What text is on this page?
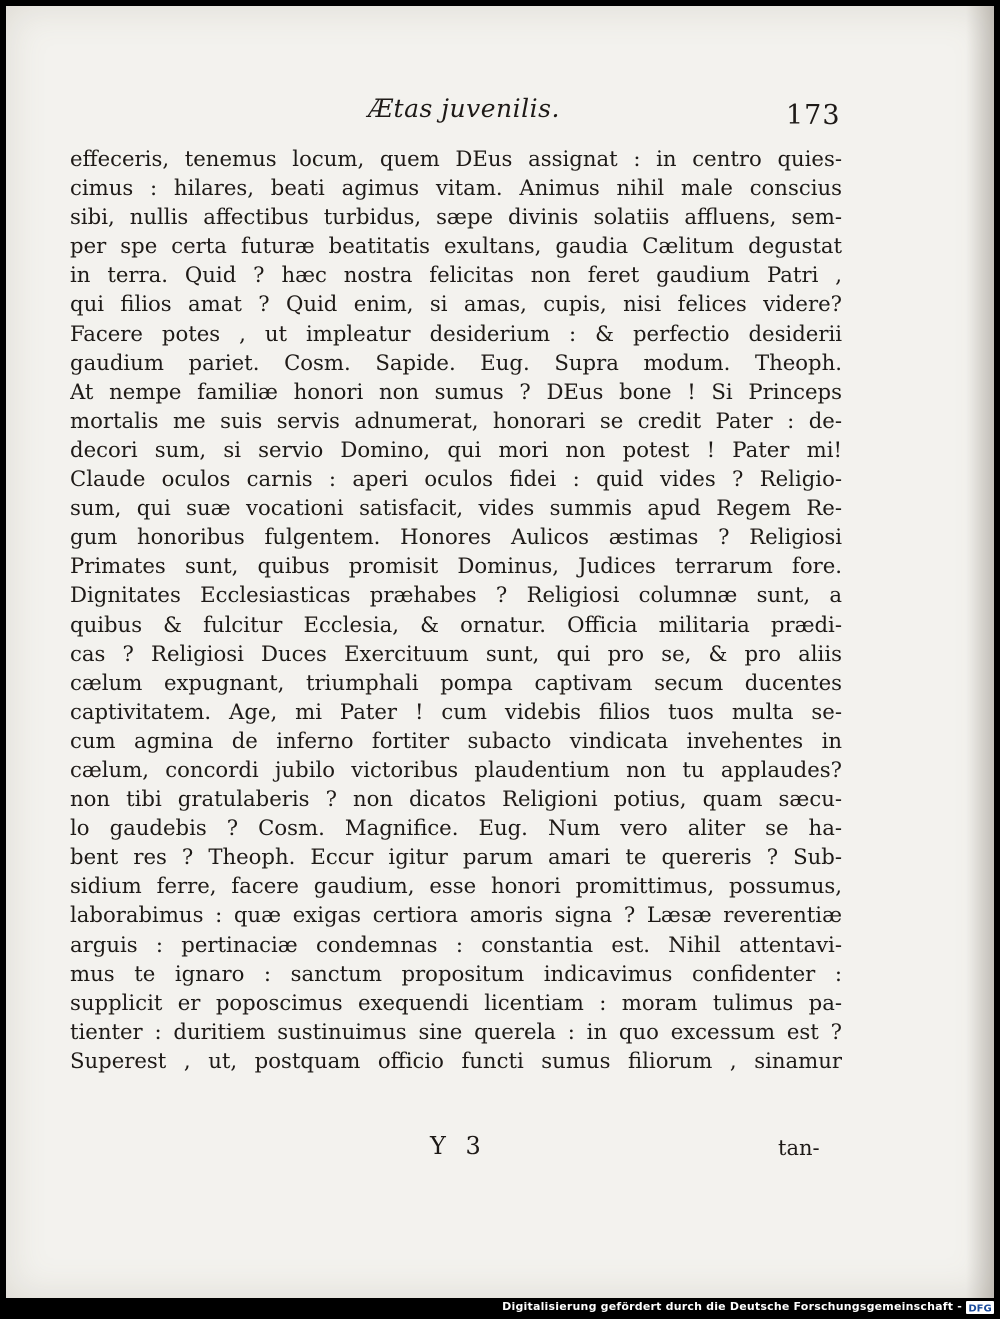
Ætas juvenilis.	173
effeceris, tenemus locum, quem DEus assignat : in centro quies-
cimus : hilares, beati agimus vitam. Animus nihil male conscius
sibi, nullis affectibus turbidus, sæpe divinis solatiis affluens, sem-
per spe certa futuræ beatitatis exultans, gaudia Cælitum degustat
in terra. Quid ? hæc nostra felicitas non feret gaudium Patri ,
qui filios amat ? Quid enim, si amas, cupis, nisi felices videre?
Facere potes , ut impleatur desiderium : & perfectio desiderii
gaudium pariet. Cosm. Sapide. Eug. Supra modum. Theoph.
At nempe familiæ honori non sumus ? DEus bone ! Si Princeps
mortalis me suis servis adnumerat, honorari se credit Pater : de-
decori sum, si servio Domino, qui mori non potest ! Pater mi!
Claude oculos carnis : aperi oculos fidei : quid vides ? Religio-
sum, qui suæ vocationi satisfacit, vides summis apud Regem Re-
gum honoribus fulgentem. Honores Aulicos æstimas ? Religiosi
Primates sunt, quibus promisit Dominus, Judices terrarum fore.
Dignitates Ecclesiasticas præhabes ? Religiosi columnæ sunt, a
quibus & fulcitur Ecclesia, & ornatur. Officia militaria prædi-
cas ? Religiosi Duces Exercituum sunt, qui pro se, & pro aliis
cælum expugnant, triumphali pompa captivam secum ducentes
captivitatem. Age, mi Pater ! cum videbis filios tuos multa se-
cum agmina de inferno fortiter subacto vindicata invehentes in
cælum, concordi jubilo victoribus plaudentium non tu applaudes?
non tibi gratulaberis ? non dicatos Religioni potius, quam sæcu-
lo gaudebis ? Cosm. Magnifice. Eug. Num vero aliter se ha-
bent res ? Theoph. Eccur igitur parum amari te quereris ? Sub-
sidium ferre, facere gaudium, esse honori promittimus, possumus,
laborabimus : quæ exigas certiora amoris signa ? Læsæ reverentiæ
arguis : pertinaciæ condemnas : constantia est. Nihil attentavi-
mus te ignaro : sanctum propositum indicavimus confidenter :
supplicit er poposcimus exequendi licentiam : moram tulimus pa-
tienter : duritiem sustinuimus sine querela : in quo excessum est ?
Superest , ut, postquam officio functi sumus filiorum , sinamur
Y 3	tan-
Digitalisierung gefördert durch die Deutsche Forschungsgemeinschaft - DFG
